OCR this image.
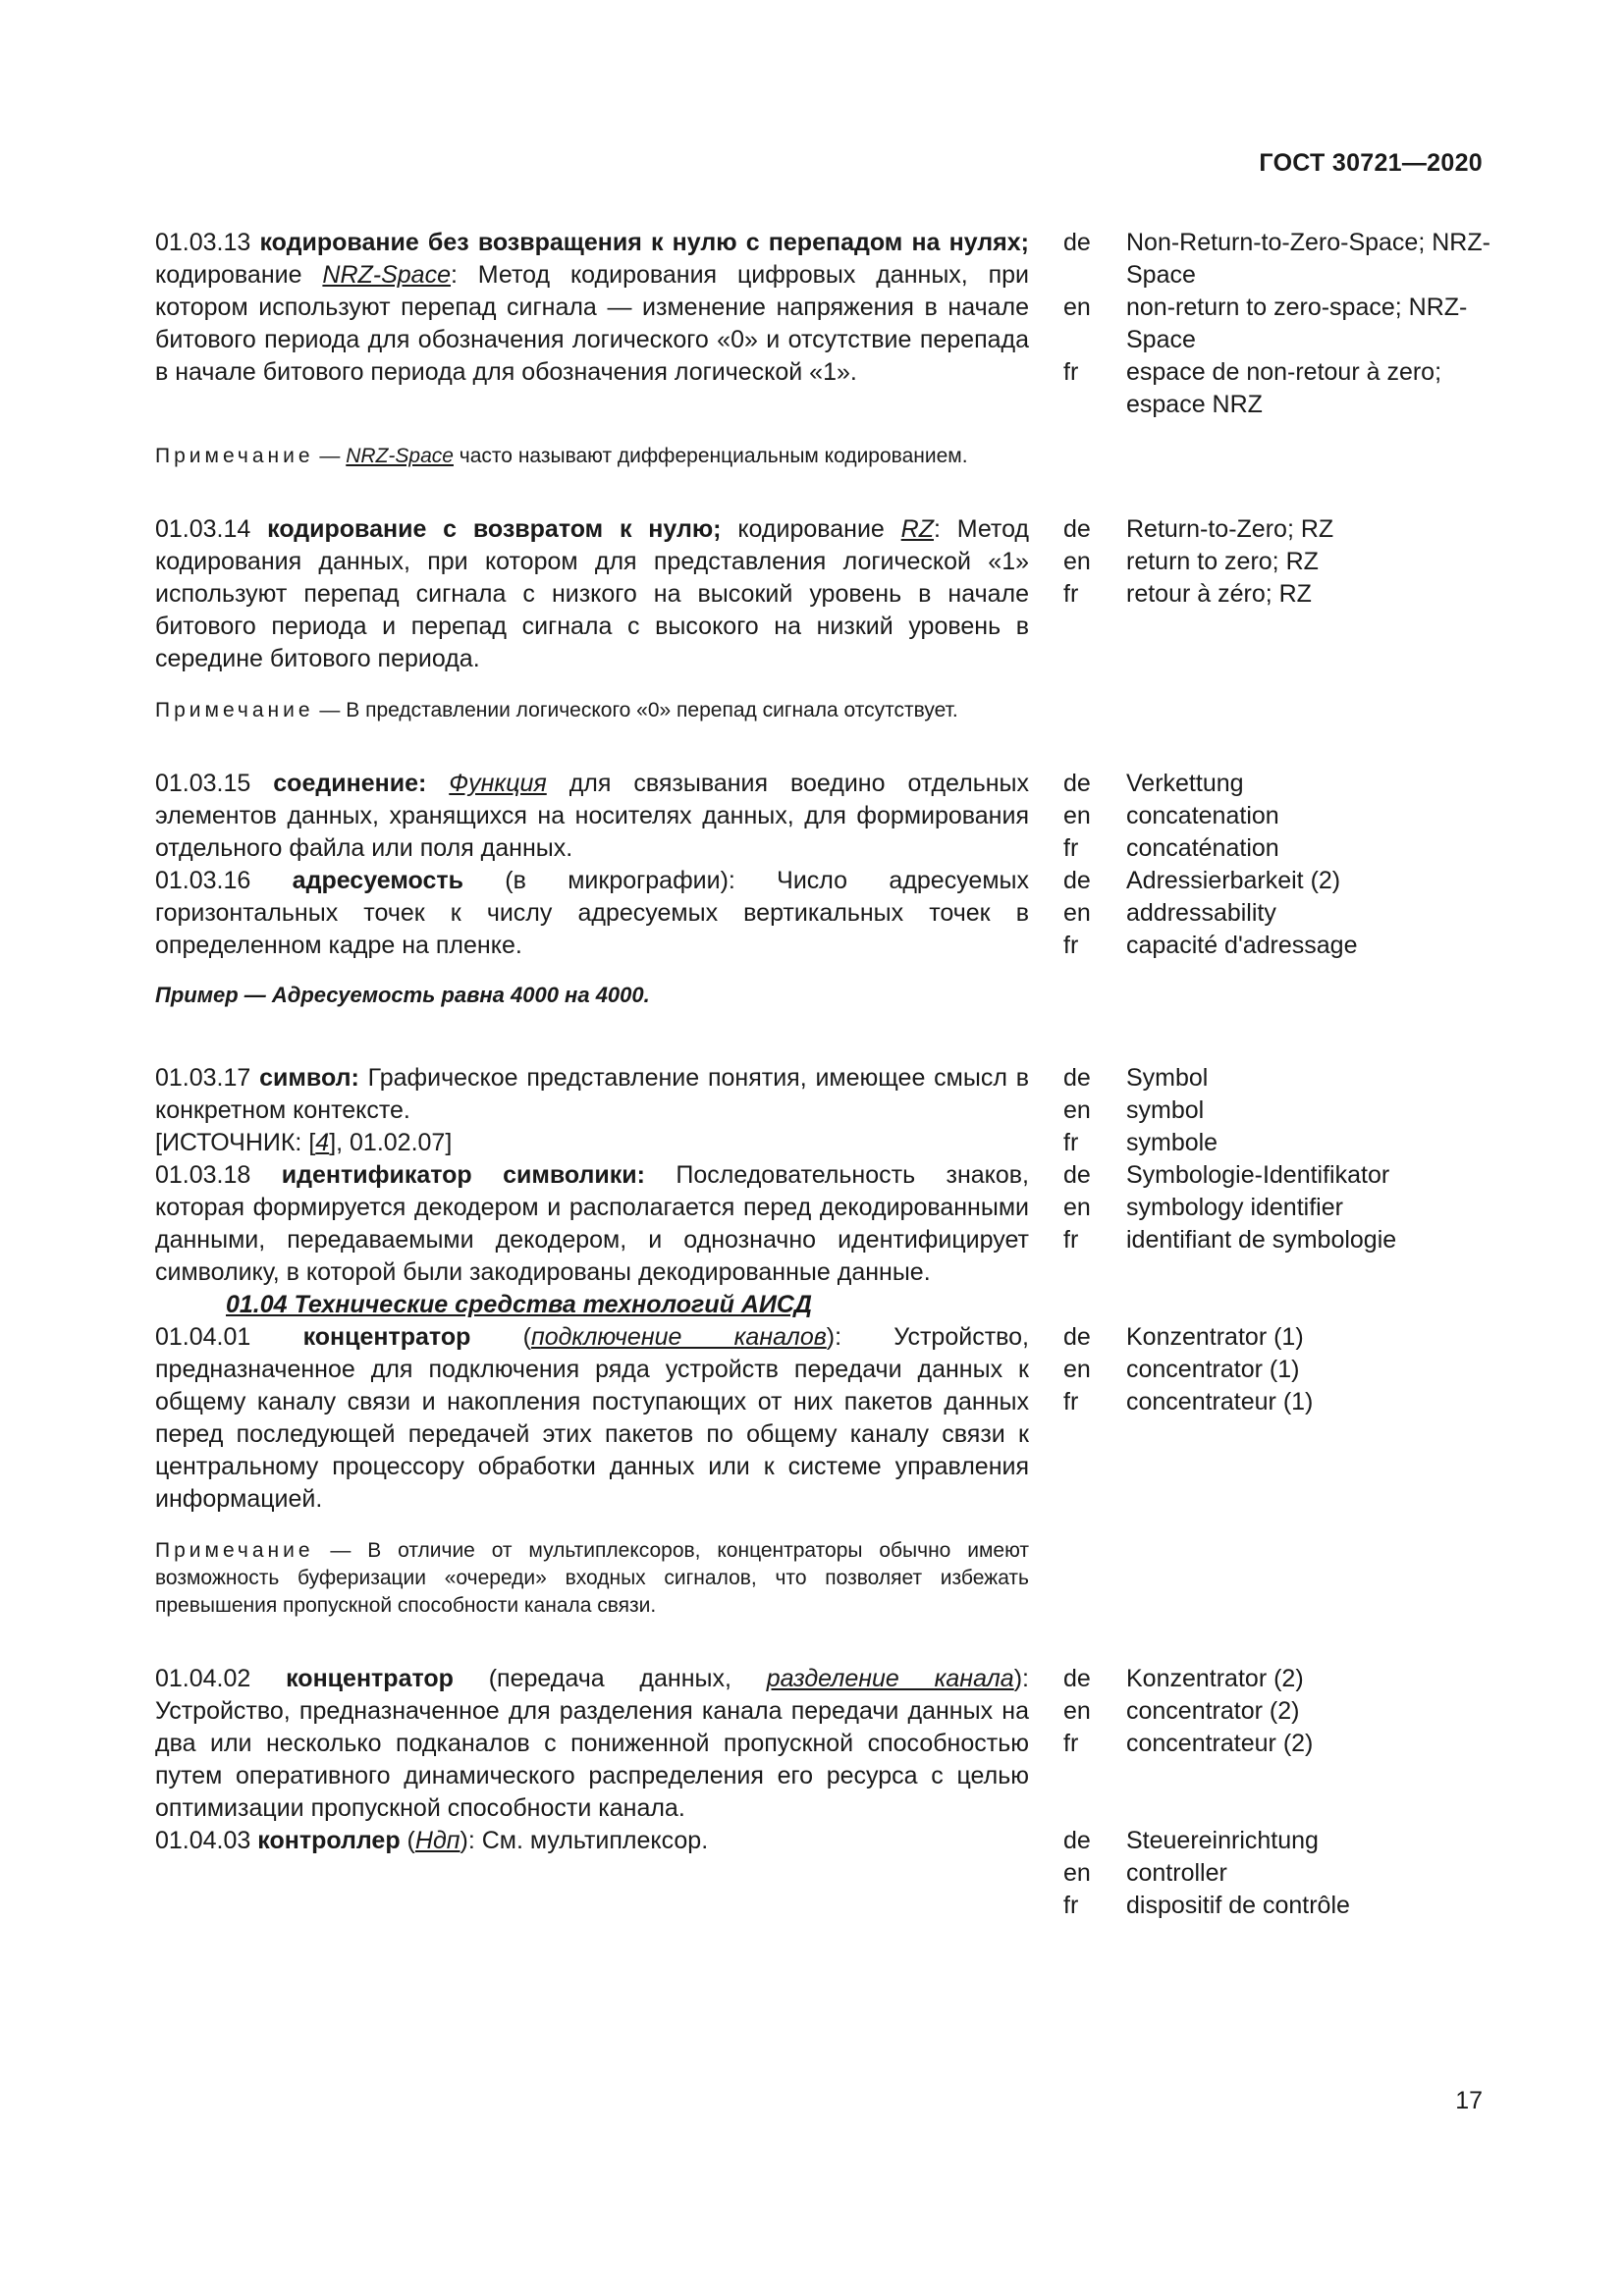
ГОСТ 30721—2020
01.03.13 кодирование без возвращения к нулю с перепадом на нулях; кодирование NRZ-Space: Метод кодирования цифровых данных, при котором используют перепад сигнала — изменение напряжения в начале битового периода для обозначения логического «0» и отсутствие перепада в начале битового периода для обозначения логической «1».
de	Non-Return-to-Zero-Space; NRZ-Space
en	non-return to zero-space; NRZ-Space
fr	espace de non-retour à zero; espace NRZ
Примечание — NRZ-Space часто называют дифференциальным кодированием.
01.03.14 кодирование с возвратом к нулю; кодирование RZ: Метод кодирования данных, при котором для представления логической «1» используют перепад сигнала с низкого на высокий уровень в начале битового периода и перепад сигнала с высокого на низкий уровень в середине битового периода.
de	Return-to-Zero; RZ
en	return to zero; RZ
fr	retour à zéro; RZ
Примечание — В представлении логического «0» перепад сигнала отсутствует.
01.03.15 соединение: Функция для связывания воедино отдельных элементов данных, хранящихся на носителях данных, для формирования отдельного файла или поля данных.
de	Verkettung
en	concatenation
fr	concaténation
01.03.16 адресуемость (в микрографии): Число адресуемых горизонтальных точек к числу адресуемых вертикальных точек в определенном кадре на пленке.
de	Adressierbarkeit (2)
en	addressability
fr	capacité d'adressage
Пример — Адресуемость равна 4000 на 4000.
01.03.17 символ: Графическое представление понятия, имеющее смысл в конкретном контексте.
[ИСТОЧНИК: [4], 01.02.07]
de	Symbol
en	symbol
fr	symbole
01.03.18 идентификатор символики: Последовательность знаков, которая формируется декодером и располагается перед декодированными данными, передаваемыми декодером, и однозначно идентифицирует символику, в которой были закодированы декодированные данные.
de	Symbologie-Identifikator
en	symbology identifier
fr	identifiant de symbologie
01.04 Технические средства технологий АИСД
01.04.01 концентратор (подключение каналов): Устройство, предназначенное для подключения ряда устройств передачи данных к общему каналу связи и накопления поступающих от них пакетов данных перед последующей передачей этих пакетов по общему каналу связи к центральному процессору обработки данных или к системе управления информацией.
de	Konzentrator (1)
en	concentrator (1)
fr	concentrateur (1)
Примечание — В отличие от мультиплексоров, концентраторы обычно имеют возможность буферизации «очереди» входных сигналов, что позволяет избежать превышения пропускной способности канала связи.
01.04.02 концентратор (передача данных, разделение канала): Устройство, предназначенное для разделения канала передачи данных на два или несколько подканалов с пониженной пропускной способностью путем оперативного динамического распределения его ресурса с целью оптимизации пропускной способности канала.
de	Konzentrator (2)
en	concentrator (2)
fr	concentrateur (2)
01.04.03 контроллер (Ндп): См. мультиплексор.	de	Steuereinrichtung
en	controller
fr	dispositif de contrôle
17
